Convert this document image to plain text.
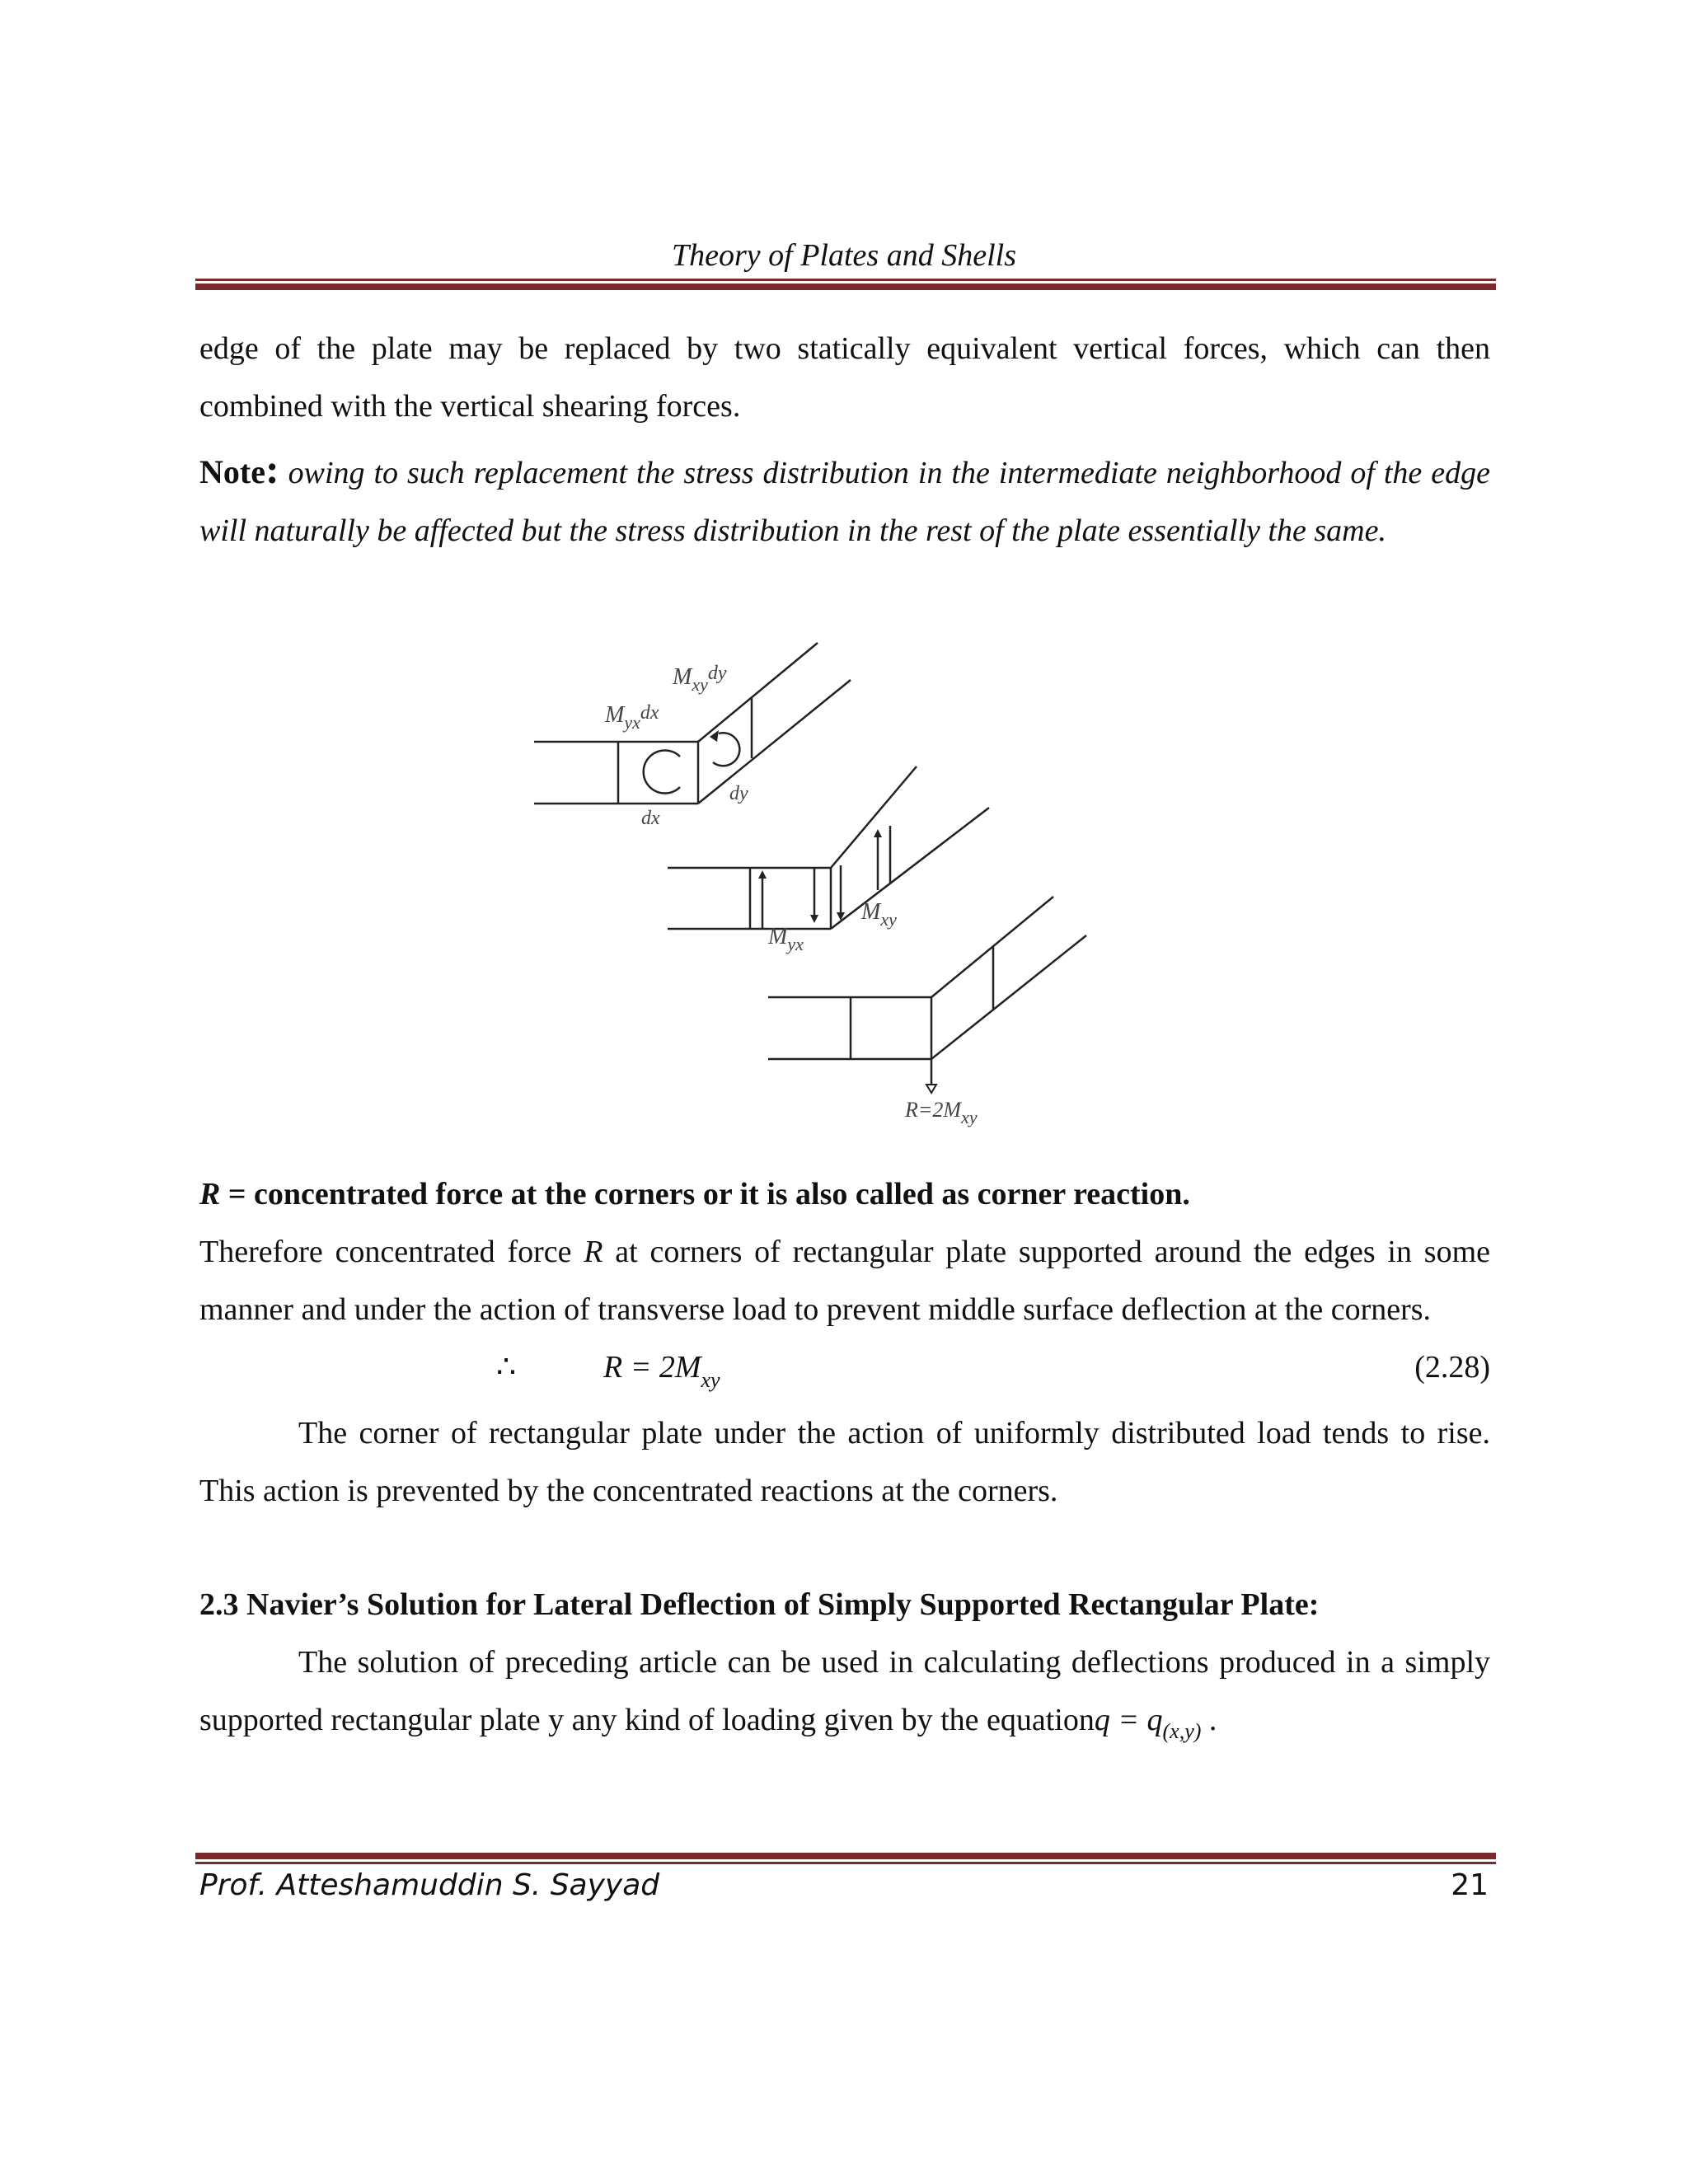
Theory of Plates and Shells

edge of the plate may be replaced by two statically equivalent vertical forces, which can then combined with the vertical shearing forces.

Note: owing to such replacement the stress distribution in the intermediate neighborhood of the edge will naturally be affected but the stress distribution in the rest of the plate essentially the same.

$M_{xy}dy$
$M_{yx}dx$
dx
dy
$M_{xy}$
$M_{yx}$
$R=2M_{xy}$

R = concentrated force at the corners or it is also called as corner reaction.

Therefore concentrated force R at corners of rectangular plate supported around the edges in some manner and under the action of transverse load to prevent middle surface deflection at the corners.

∴	$R = 2M_{xy}$	(2.28)

The corner of rectangular plate under the action of uniformly distributed load tends to rise. This action is prevented by the concentrated reactions at the corners.

2.3 Navier’s Solution for Lateral Deflection of Simply Supported Rectangular Plate:

The solution of preceding article can be used in calculating deflections produced in a simply supported rectangular plate y any kind of loading given by the equationq = $q_{(x,y)}$ .

Prof. Atteshamuddin S. Sayyad	21
